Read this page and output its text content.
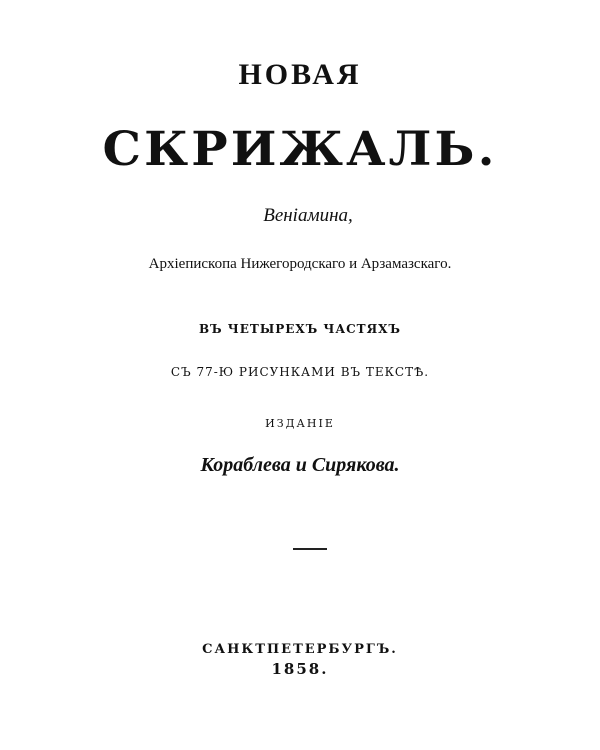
НОВАЯ
СКРИЖАЛЬ.
Веніамина,
Архіепископа Нижегородскаго и Арзамазскаго.
ВЪ ЧЕТЫРЕХЪ ЧАСТЯХЪ
СЪ 77-Ю РИСУНКАМИ ВЪ ТЕКСТѢ.
ИЗДАНІЕ
Кораблева и Сирякова.
САНКТПЕТЕРБУРГЪ.
1858.
